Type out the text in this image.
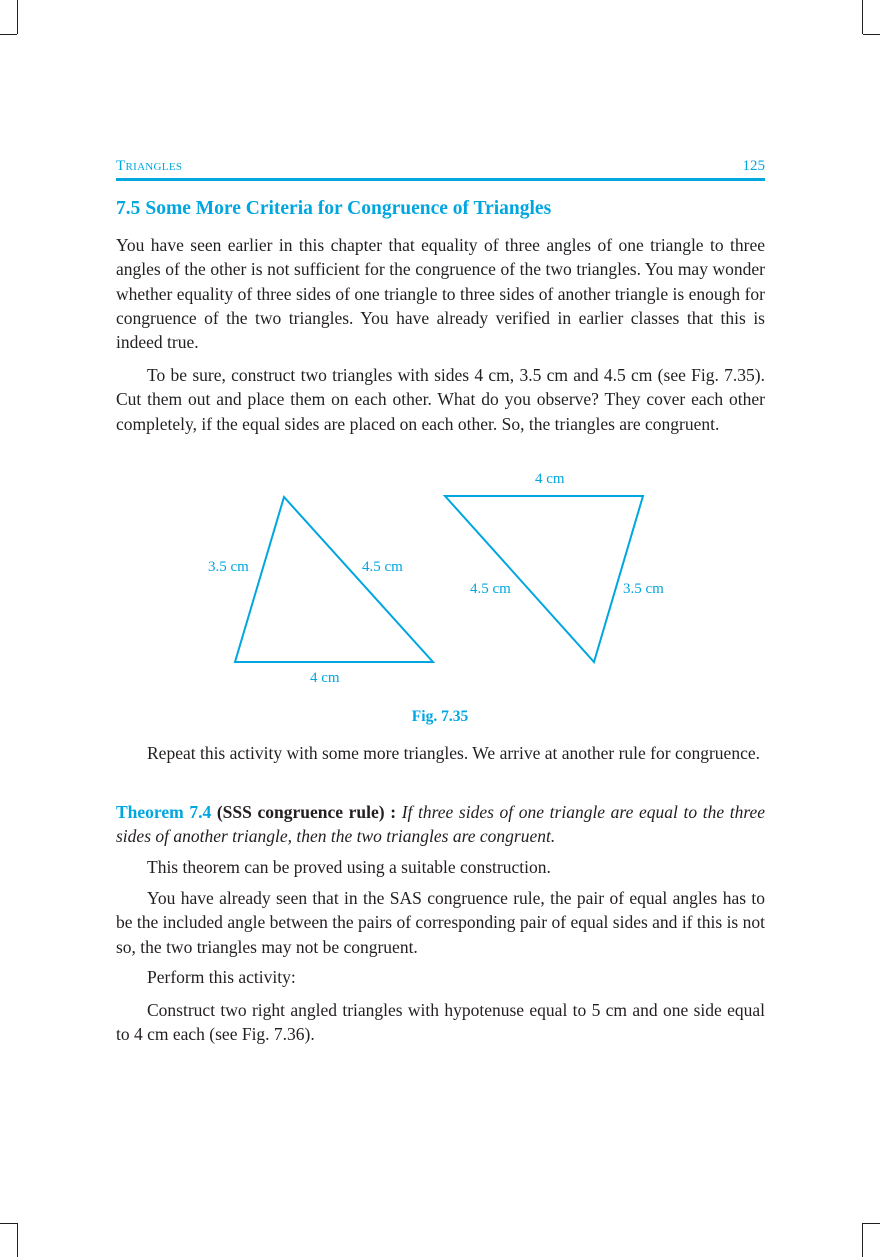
Triangles	125
7.5 Some More Criteria for Congruence of Triangles

You have seen earlier in this chapter that equality of three angles of one triangle to three angles of the other is not sufficient for the congruence of the two triangles. You may wonder whether equality of three sides of one triangle to three sides of another triangle is enough for congruence of the two triangles. You have already verified in earlier classes that this is indeed true.

To be sure, construct two triangles with sides 4 cm, 3.5 cm and 4.5 cm (see Fig. 7.35). Cut them out and place them on each other. What do you observe? They cover each other completely, if the equal sides are placed on each other. So, the triangles are congruent.

3.5 cm	4.5 cm
4 cm
4 cm
4.5 cm	3.5 cm
Fig. 7.35

Repeat this activity with some more triangles. We arrive at another rule for congruence.

Theorem 7.4 (SSS congruence rule) : If three sides of one triangle are equal to the three sides of another triangle, then the two triangles are congruent.

This theorem can be proved using a suitable construction.

You have already seen that in the SAS congruence rule, the pair of equal angles has to be the included angle between the pairs of corresponding pair of equal sides and if this is not so, the two triangles may not be congruent.

Perform this activity:

Construct two right angled triangles with hypotenuse equal to 5 cm and one side equal to 4 cm each (see Fig. 7.36).
